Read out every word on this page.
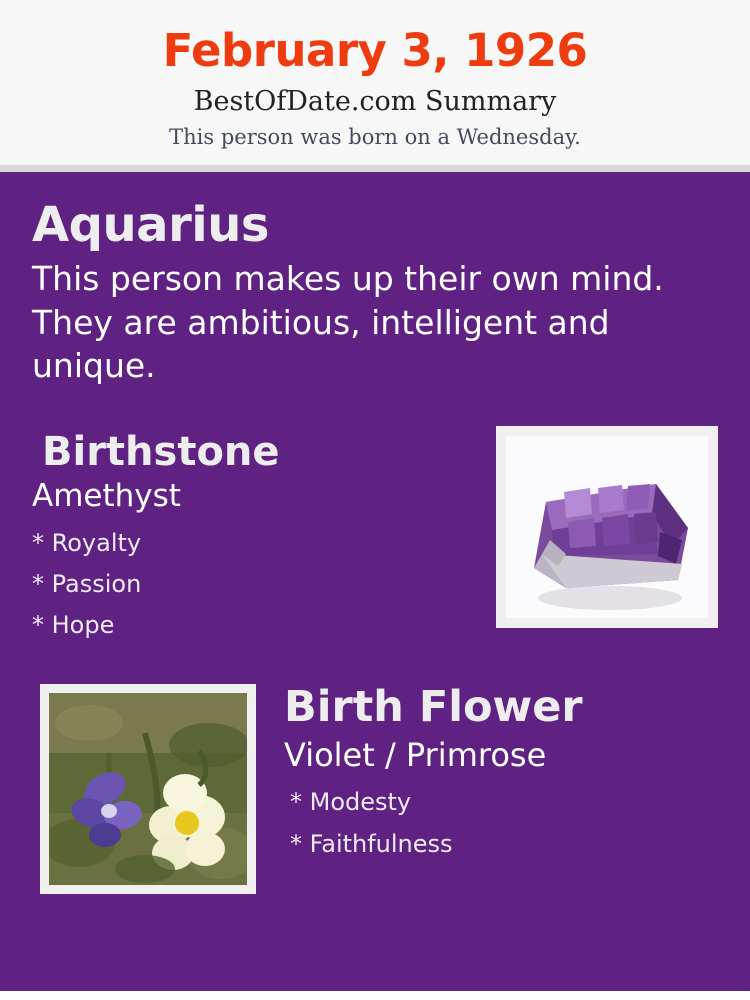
February 3, 1926
BestOfDate.com Summary
This person was born on a Wednesday.
Aquarius
This person makes up their own mind. They are ambitious, intelligent and unique.
Birthstone
Amethyst
* Royalty
* Passion
* Hope
Birth Flower
Violet / Primrose
* Modesty
* Faithfulness
